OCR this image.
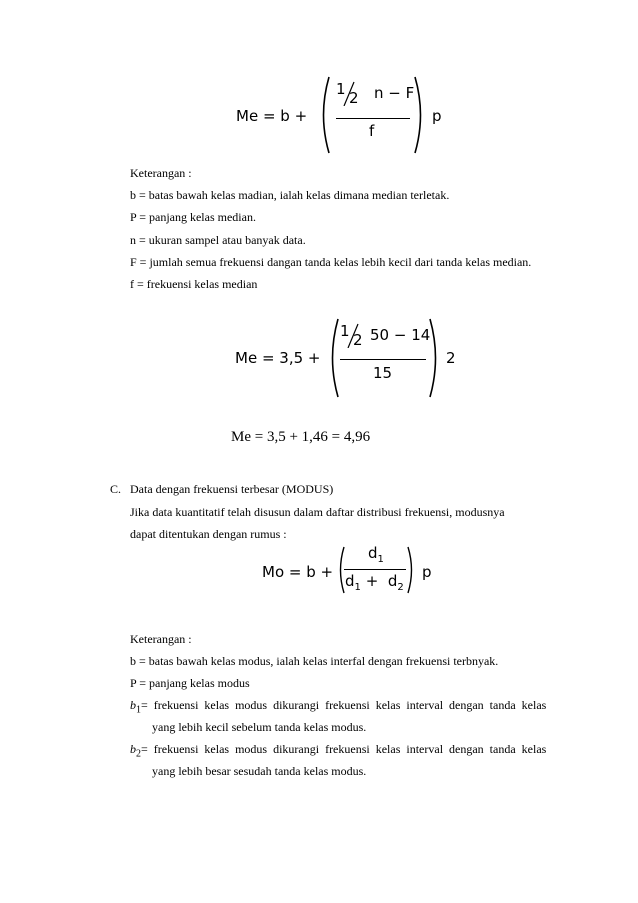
Me = b +
1 2 n − F
f
p
Keterangan :
b = batas bawah kelas madian, ialah kelas dimana median terletak.
P = panjang kelas median.
n = ukuran sampel atau banyak data.
F = jumlah semua frekuensi dangan tanda kelas lebih kecil dari tanda kelas median.
f = frekuensi kelas median
Me = 3,5 +
1 2 50 − 14
15
2
Me = 3,5 + 1,46 = 4,96
C. Data dengan frekuensi terbesar (MODUS)
Jika data kuantitatif telah disusun dalam daftar distribusi frekuensi, modusnya
dapat ditentukan dengan rumus :
Mo = b +
$d_1$
$d_1 + d_2$
p
Keterangan :
b = batas bawah kelas modus, ialah kelas interfal dengan frekuensi terbnyak.
P = panjang kelas modus
$b_1=$ frekuensi kelas modus dikurangi frekuensi kelas interval dengan tanda kelas
yang lebih kecil sebelum tanda kelas modus.
$b_2=$ frekuensi kelas modus dikurangi frekuensi kelas interval dengan tanda kelas
yang lebih besar sesudah tanda kelas modus.
